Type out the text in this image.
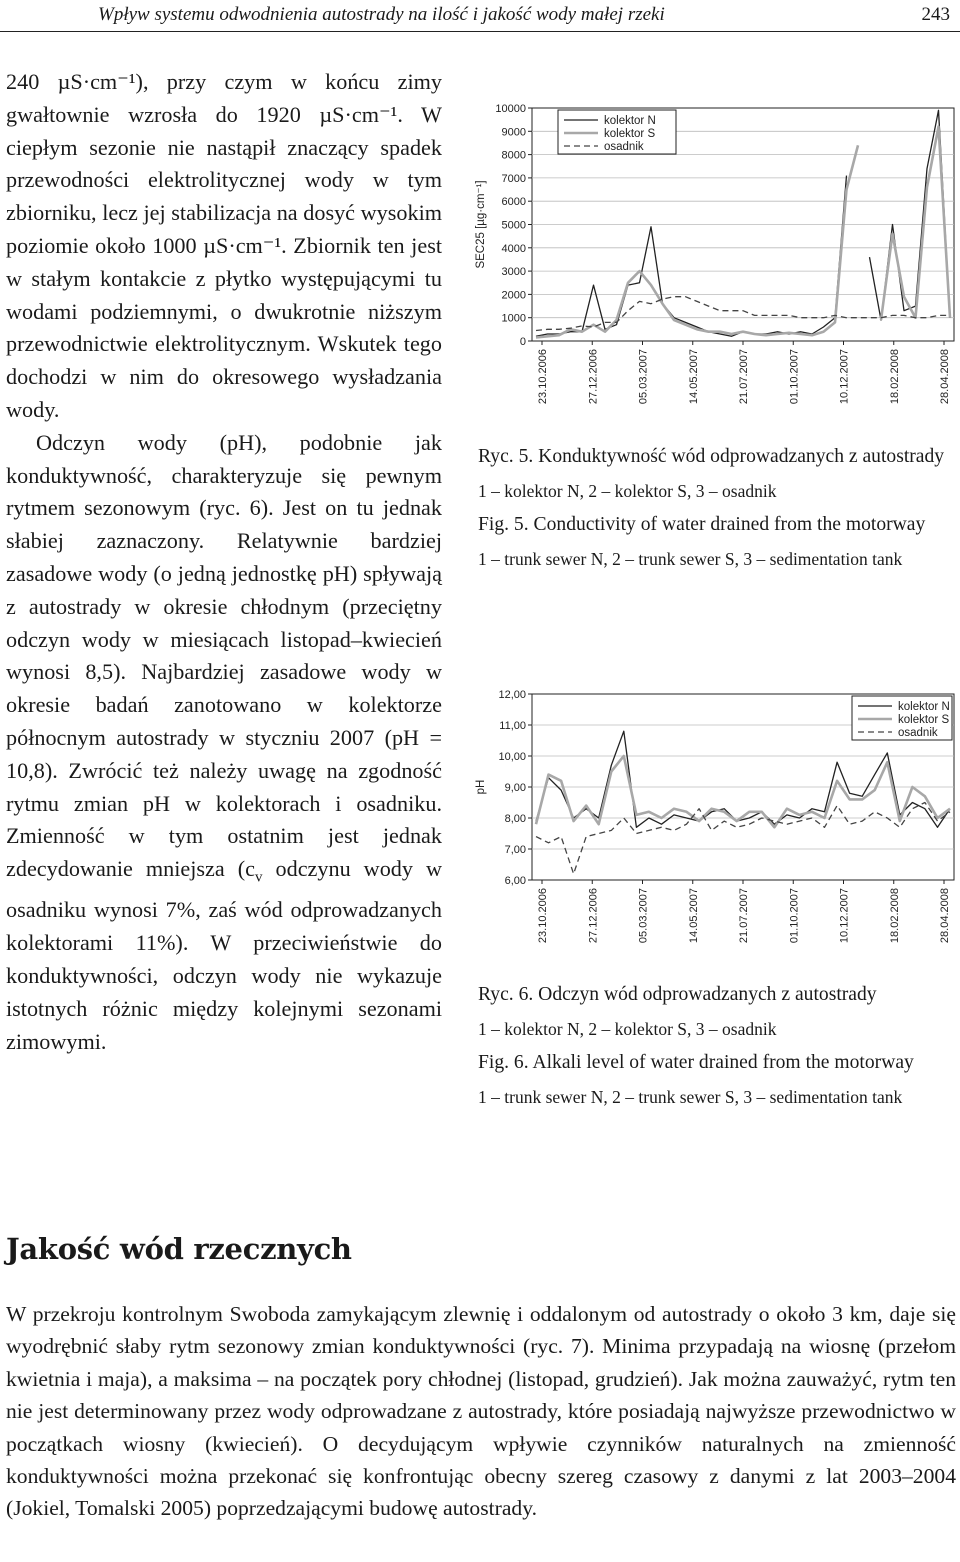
Wpływ systemu odwodnienia autostrady na ilość i jakość wody małej rzeki	243

240 µS·cm⁻¹), przy czym w końcu zimy gwałtownie wzrosła do 1920 µS·cm⁻¹. W ciepłym sezonie nie nastąpił znaczący spadek przewodności elektrolitycznej wody w tym zbiorniku, lecz jej stabilizacja na dosyć wysokim poziomie około 1000 µS·cm⁻¹. Zbiornik ten jest w stałym kontakcie z płytko występującymi tu wodami podziemnymi, o dwukrotnie niższym przewodnictwie elektrolitycznym. Wskutek tego dochodzi w nim do okresowego wysładzania wody.

Odczyn wody (pH), podobnie jak konduktywność, charakteryzuje się pewnym rytmem sezonowym (ryc. 6). Jest on tu jednak słabiej zaznaczony. Relatywnie bardziej zasadowe wody (o jedną jednostkę pH) spływają z autostrady w okresie chłodnym (przeciętny odczyn wody w miesiącach listopad–kwiecień wynosi 8,5). Najbardziej zasadowe wody w okresie badań zanotowano w kolektorze północnym autostrady w styczniu 2007 (pH = 10,8). Zwrócić też należy uwagę na zgodność rytmu zmian pH w kolektorach i osadniku. Zmienność w tym ostatnim jest jednak zdecydowanie mniejsza ($c_v$ odczynu wody w osadniku wynosi 7%, zaś wód odprowadzanych kolektorami 11%). W przeciwieństwie do konduktywności, odczyn wody nie wykazuje istotnych różnic między kolejnymi sezonami zimowymi.

0
1000
2000
3000
4000
5000
6000
7000
8000
9000
10000
SEC25 [µg·cm⁻¹]
23.10.2006	27.12.2006	05.03.2007	14.05.2007	21.07.2007	01.10.2007	10.12.2007	18.02.2008	28.04.2008
kolektor N
kolektor S
osadnik

Ryc. 5. Konduktywność wód odprowadzanych z autostrady

1 – kolektor N, 2 – kolektor S, 3 – osadnik

Fig. 5. Conductivity of water drained from the motorway

1 – trunk sewer N, 2 – trunk sewer S, 3 – sedimentation tank

6,00
7,00
8,00
9,00
10,00
11,00
12,00
pH
23.10.2006	27.12.2006	05.03.2007	14.05.2007	21.07.2007	01.10.2007	10.12.2007	18.02.2008	28.04.2008
kolektor N
kolektor S
osadnik

Ryc. 6. Odczyn wód odprowadzanych z autostrady

1 – kolektor N, 2 – kolektor S, 3 – osadnik

Fig. 6. Alkali level of water drained from the motorway

1 – trunk sewer N, 2 – trunk sewer S, 3 – sedimentation tank

Jakość wód rzecznych

W przekroju kontrolnym Swoboda zamykającym zlewnię i oddalonym od autostrady o około 3 km, daje się wyodrębnić słaby rytm sezonowy zmian konduktywności (ryc. 7). Minima przypadają na wiosnę (przełom kwietnia i maja), a maksima – na początek pory chłodnej (listopad, grudzień). Jak można zauważyć, rytm ten nie jest determinowany przez wody odprowadzane z autostrady, które posiadają najwyższe przewodnictwo w początkach wiosny (kwiecień). O decydującym wpływie czynników naturalnych na zmienność konduktywności można przekonać się konfrontując obecny szereg czasowy z danymi z lat 2003–2004 (Jokiel, Tomalski 2005) poprzedzającymi budowę autostrady.
